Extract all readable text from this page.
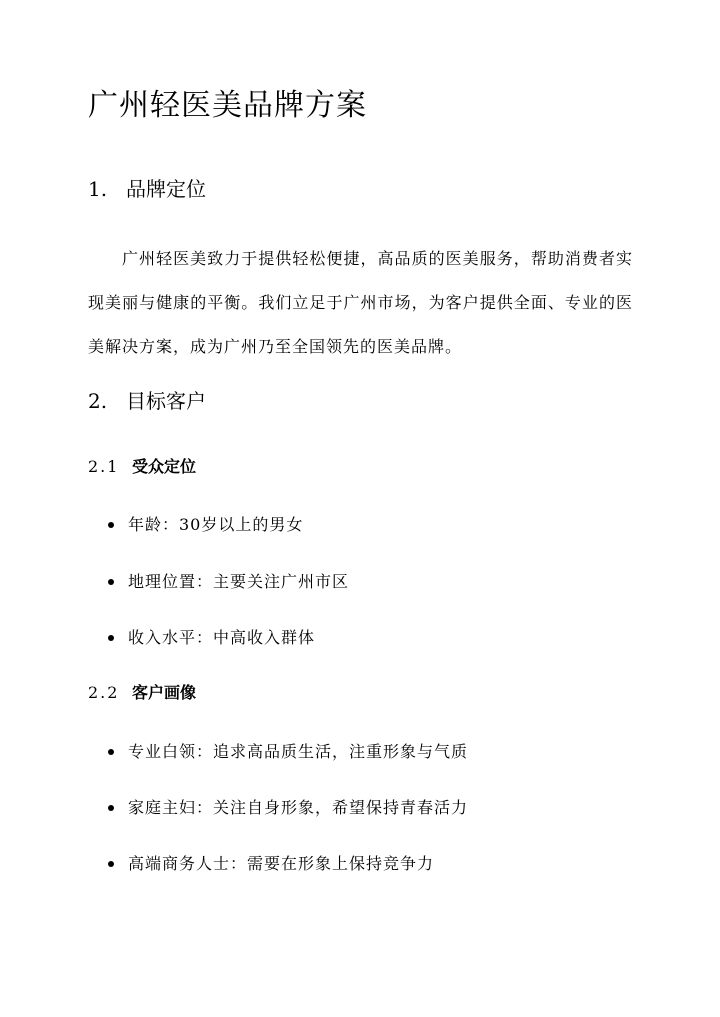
广州轻医美品牌方案
1. 品牌定位

广州轻医美致力于提供轻松便捷，高品质的医美服务，帮助消费者实现美丽与健康的平衡。我们立足于广州市场，为客户提供全面、专业的医美解决方案，成为广州乃至全国领先的医美品牌。

2. 目标客户
2.1 受众定位

年龄：30岁以上的男女

地理位置：主要关注广州市区

收入水平：中高收入群体

2.2 客户画像

专业白领：追求高品质生活，注重形象与气质

家庭主妇：关注自身形象，希望保持青春活力

高端商务人士：需要在形象上保持竞争力
